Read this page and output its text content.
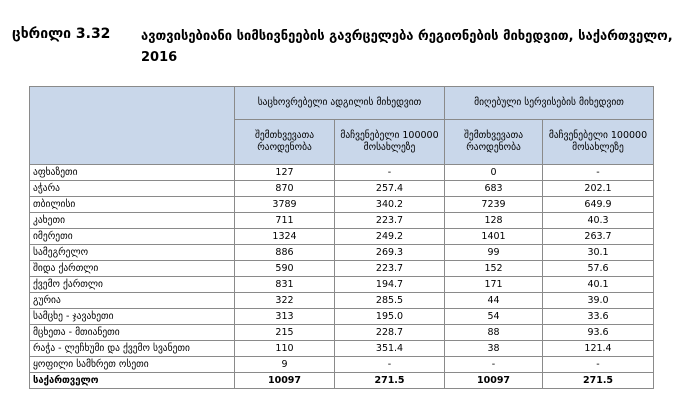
ცხრილი 3.32 ავთვისებიანი სიმსივნეების გავრცელება რეგიონების მიხედვით, საქართველო, 2016
	საცხოვრებელი ადგილის მიხედვით		მიღებული სერვისების მიხედვით	
	შემთხვევათა რაოდენობა	მაჩვენებელი 100000 მოსახლეზე	შემთხვევათა რაოდენობა	მაჩვენებელი 100000 მოსახლეზე
აფხაზეთი	127	-	0	-
აჭარა	870	257.4	683	202.1
თბილისი	3789	340.2	7239	649.9
კახეთი	711	223.7	128	40.3
იმერეთი	1324	249.2	1401	263.7
სამეგრელო	886	269.3	99	30.1
შიდა ქართლი	590	223.7	152	57.6
ქვემო ქართლი	831	194.7	171	40.1
გურია	322	285.5	44	39.0
სამცხე - ჯავახეთი	313	195.0	54	33.6
მცხეთა - მთიანეთი	215	228.7	88	93.6
რაჭა - ლეჩხუმი და ქვემო სვანეთი	110	351.4	38	121.4
ყოფილი სამხრეთ ოსეთი	9	-	-	-
საქართველო	10097	271.5	10097	271.5
